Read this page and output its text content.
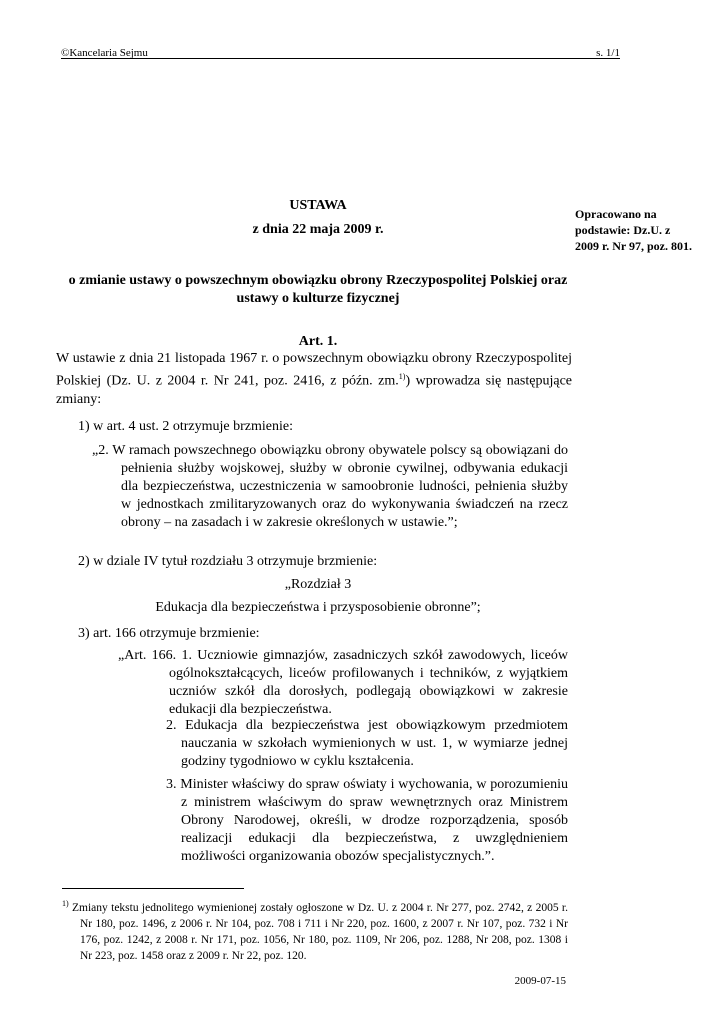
©Kancelaria Sejmu	s. 1/1
Opracowano na podstawie: Dz.U. z 2009 r. Nr 97, poz. 801.
USTAWA
z dnia 22 maja 2009 r.
o zmianie ustawy o powszechnym obowiązku obrony Rzeczypospolitej Polskiej oraz ustawy o kulturze fizycznej
Art. 1.
W ustawie z dnia 21 listopada 1967 r. o powszechnym obowiązku obrony Rzeczypospolitej Polskiej (Dz. U. z 2004 r. Nr 241, poz. 2416, z późn. zm.$^{1)}$) wprowadza się następujące zmiany:
1) w art. 4 ust. 2 otrzymuje brzmienie:
„2. W ramach powszechnego obowiązku obrony obywatele polscy są obowiązani do pełnienia służby wojskowej, służby w obronie cywilnej, odbywania edukacji dla bezpieczeństwa, uczestniczenia w samoobronie ludności, pełnienia służby w jednostkach zmilitaryzowanych oraz do wykonywania świadczeń na rzecz obrony – na zasadach i w zakresie określonych w ustawie.”;
2) w dziale IV tytuł rozdziału 3 otrzymuje brzmienie:
„Rozdział 3
Edukacja dla bezpieczeństwa i przysposobienie obronne”;
3) art. 166 otrzymuje brzmienie:
„Art. 166. 1. Uczniowie gimnazjów, zasadniczych szkół zawodowych, liceów ogólnokształcących, liceów profilowanych i techników, z wyjątkiem uczniów szkół dla dorosłych, podlegają obowiązkowi w zakresie edukacji dla bezpieczeństwa.
2. Edukacja dla bezpieczeństwa jest obowiązkowym przedmiotem nauczania w szkołach wymienionych w ust. 1, w wymiarze jednej godziny tygodniowo w cyklu kształcenia.
3. Minister właściwy do spraw oświaty i wychowania, w porozumieniu z ministrem właściwym do spraw wewnętrznych oraz Ministrem Obrony Narodowej, określi, w drodze rozporządzenia, sposób realizacji edukacji dla bezpieczeństwa, z uwzględnieniem możliwości organizowania obozów specjalistycznych.”.
$^{1)}$ Zmiany tekstu jednolitego wymienionej zostały ogłoszone w Dz. U. z 2004 r. Nr 277, poz. 2742, z 2005 r. Nr 180, poz. 1496, z 2006 r. Nr 104, poz. 708 i 711 i Nr 220, poz. 1600, z 2007 r. Nr 107, poz. 732 i Nr 176, poz. 1242, z 2008 r. Nr 171, poz. 1056, Nr 180, poz. 1109, Nr 206, poz. 1288, Nr 208, poz. 1308 i Nr 223, poz. 1458 oraz z 2009 r. Nr 22, poz. 120.
2009-07-15
